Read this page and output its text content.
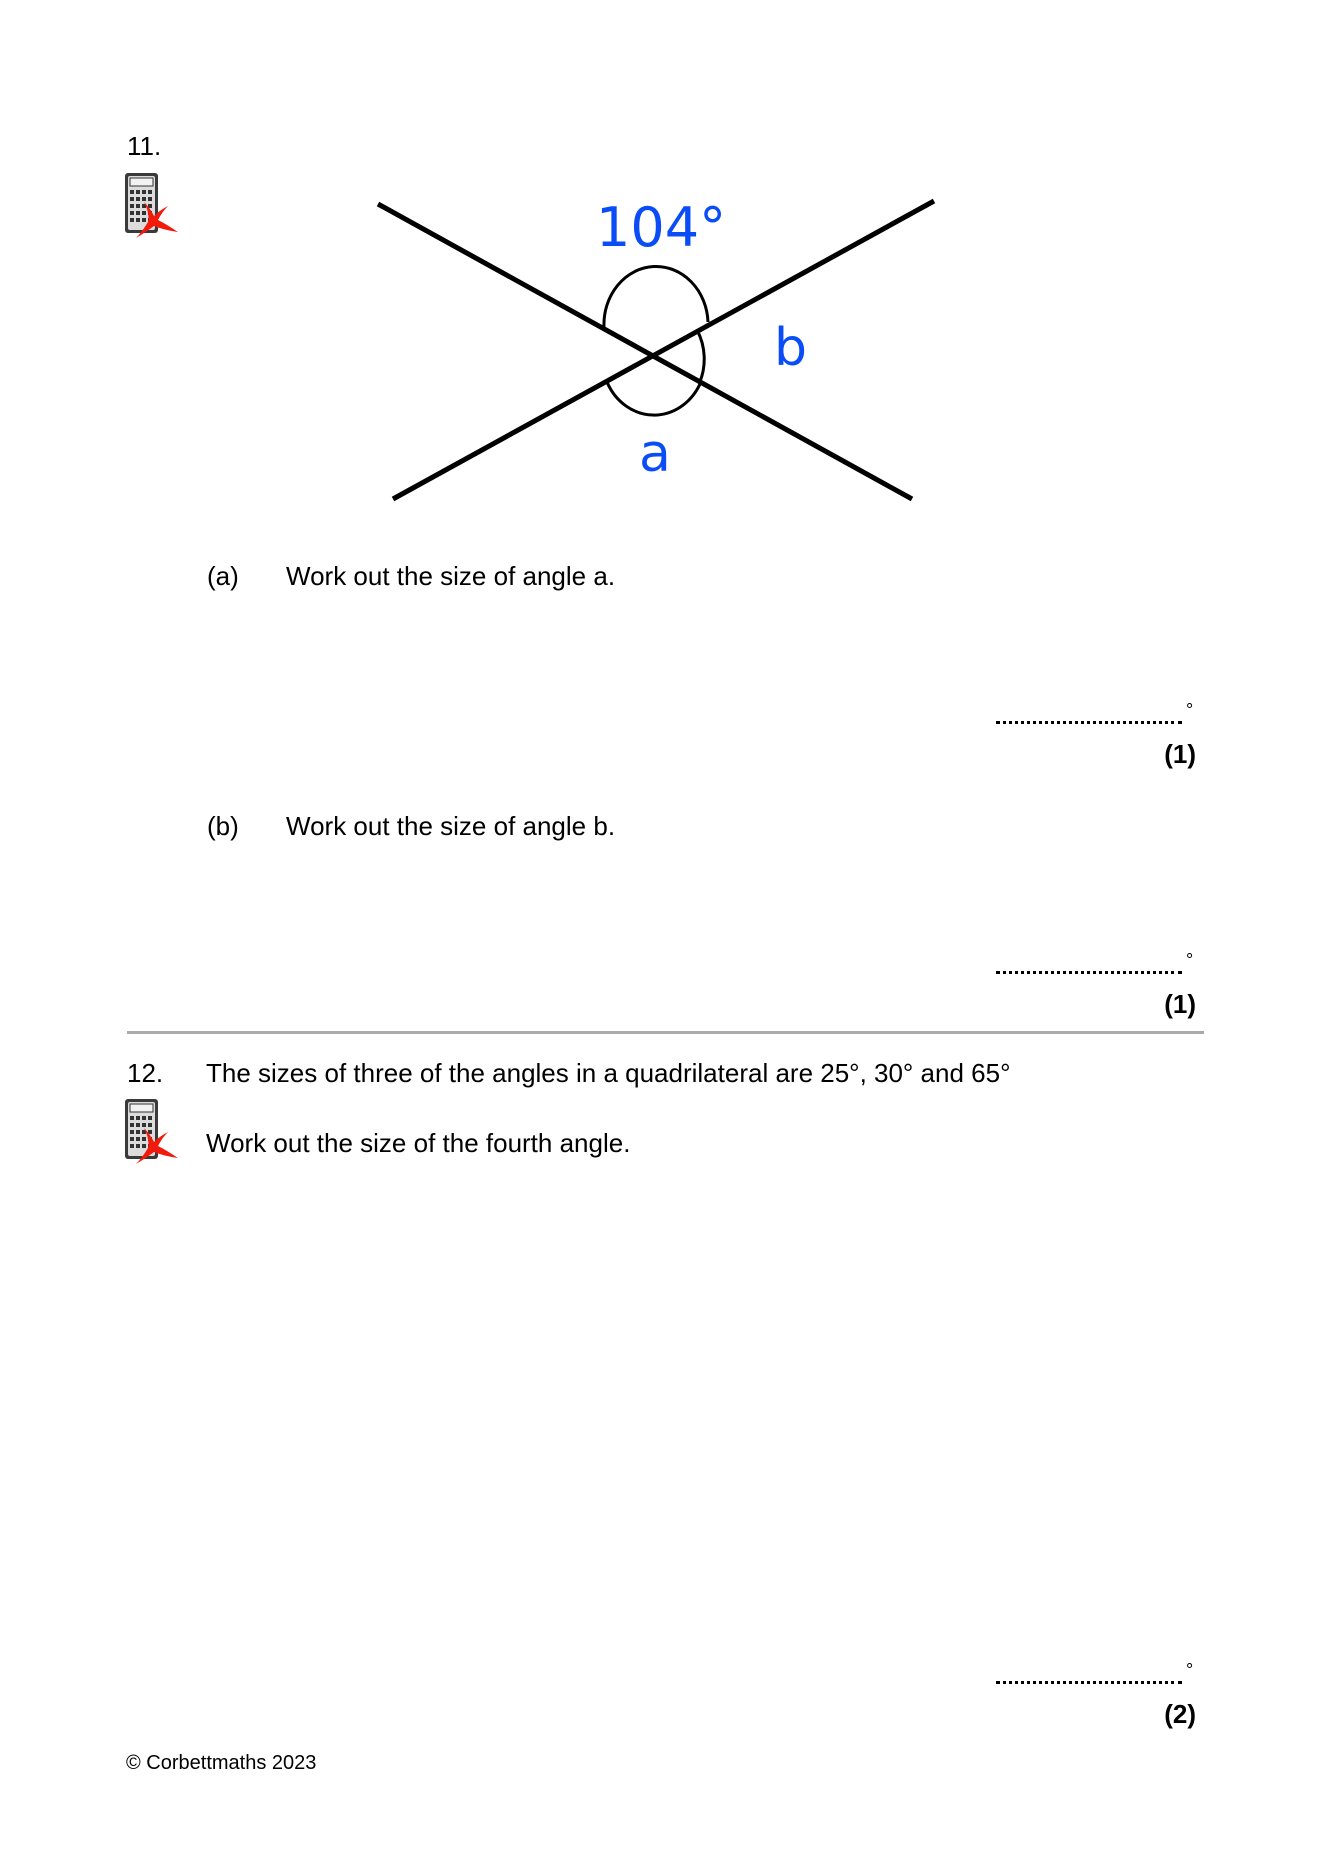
11.
104°
b
a
(a) Work out the size of angle a.
°
(1)
(b) Work out the size of angle b.
°
(1)
12. The sizes of three of the angles in a quadrilateral are 25°, 30° and 65°
Work out the size of the fourth angle.
°
(2)
© Corbettmaths 2023
